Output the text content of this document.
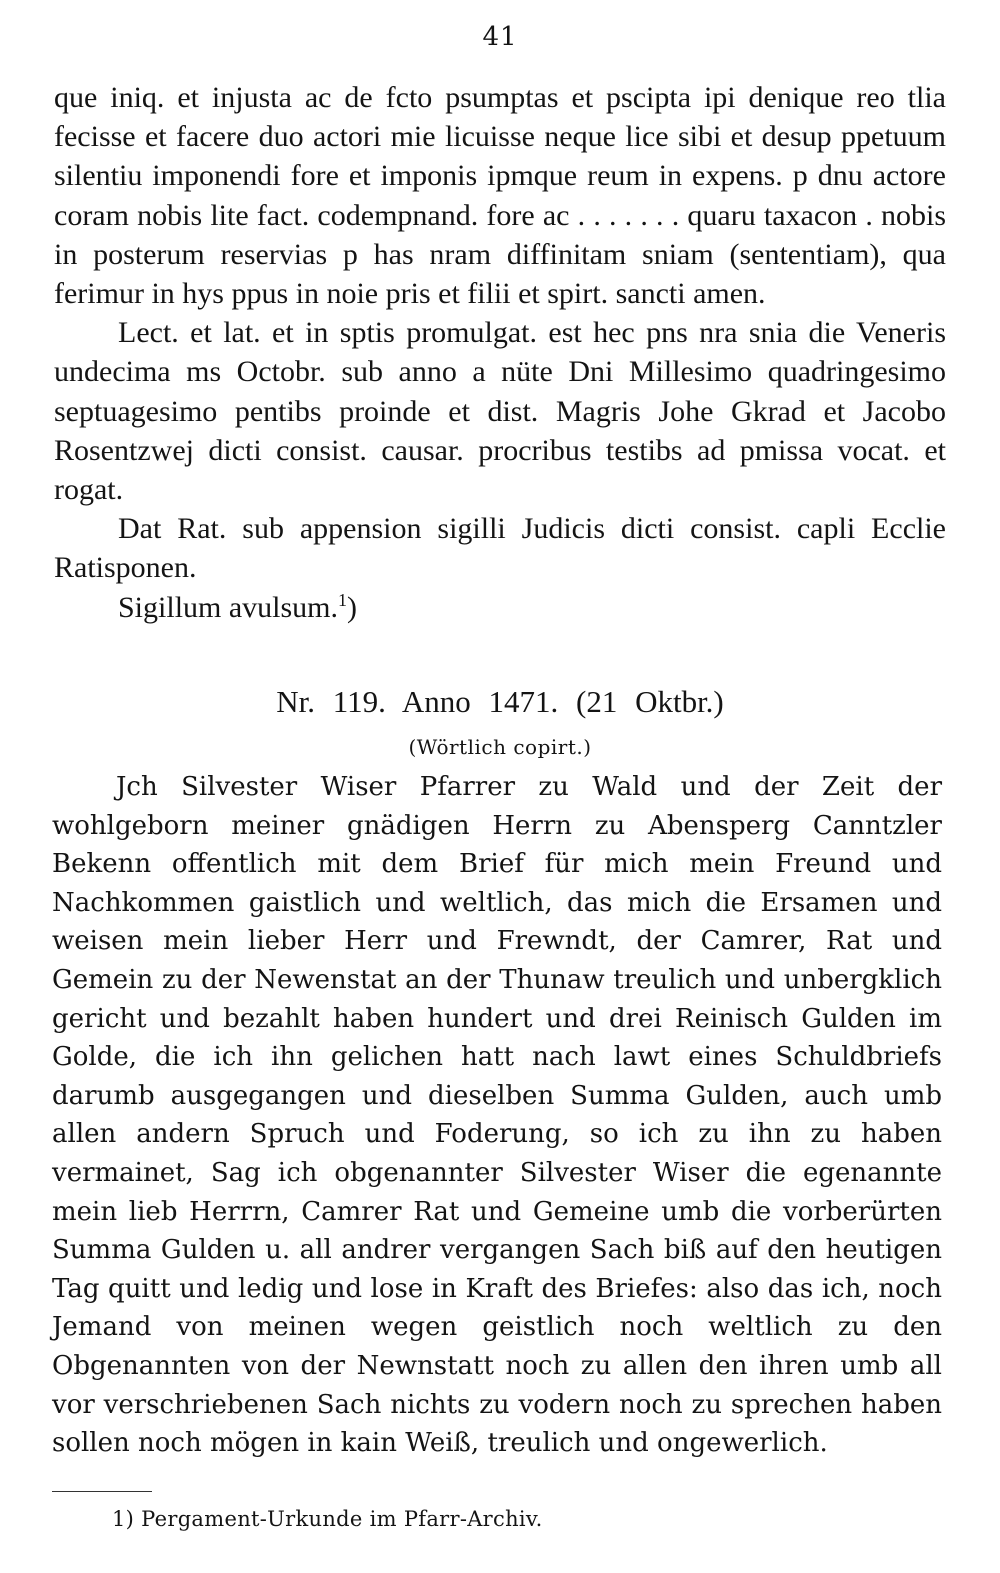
41

que iniq. et injusta ac de fcto psumptas et pscipta ipi denique reo tlia fecisse et facere duo actori mie licuisse neque lice sibi et desup ppetuum silentiu imponendi fore et imponis ipmque reum in expens. p dnu actore coram nobis lite fact. codempnand. fore ac . . . . . . . quaru taxacon . nobis in posterum reservias p has nram diffinitam sniam (sententiam), qua ferimur in hys ppus in noie pris et filii et spirt. sancti amen.

Lect. et lat. et in sptis promulgat. est hec pns nra snia die Veneris undecima ms Octobr. sub anno a nüte Dni Millesimo quadringesimo septuagesimo pentibs proinde et dist. Magris Johe Gkrad et Jacobo Rosentzwej dicti consist. causar. procribus testibs ad pmissa vocat. et rogat.

Dat Rat. sub appension sigilli Judicis dicti consist. capli Ecclie Ratisponen.

Sigillum avulsum.$^1$)

Nr. 119. Anno 1471. (21 Oktbr.)
(Wörtlich copirt.)

Jch Silvester Wiser Pfarrer zu Wald und der Zeit der wohlgeborn meiner gnädigen Herrn zu Abensperg Canntzler Bekenn offentlich mit dem Brief für mich mein Freund und Nachkommen gaistlich und weltlich, das mich die Ersamen und weisen mein lieber Herr und Frewndt, der Camrer, Rat und Gemein zu der Newenstat an der Thunaw treulich und unbergklich gericht und bezahlt haben hundert und drei Reinisch Gulden im Golde, die ich ihn gelichen hatt nach lawt eines Schuldbriefs darumb ausgegangen und dieselben Summa Gulden, auch umb allen andern Spruch und Foderung, so ich zu ihn zu haben vermainet, Sag ich obgenannter Silvester Wiser die egenannte mein lieb Herrrn, Camrer Rat und Gemeine umb die vorberürten Summa Gulden u. all andrer vergangen Sach biß auf den heutigen Tag quitt und ledig und lose in Kraft des Briefes: also das ich, noch Jemand von meinen wegen geistlich noch weltlich zu den Obgenannten von der Newnstatt noch zu allen den ihren umb all vor verschriebenen Sach nichts zu vodern noch zu sprechen haben sollen noch mögen in kain Weiß, treulich und ongewerlich.

1) Pergament-Urkunde im Pfarr-Archiv.
